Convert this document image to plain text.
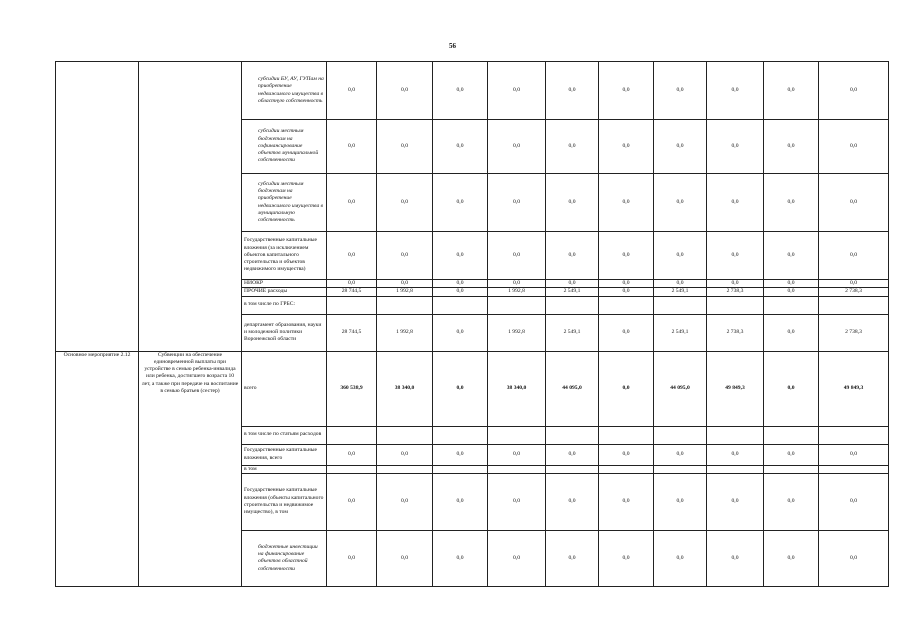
56
		субсидии БУ, АУ, ГУПам на приобретение недвижимого имущества в областную собственность	0,0	0,0	0,0	0,0	0,0	0,0	0,0	0,0	0,0	0,0
		субсидии местным бюджетам на софинансирование объектов муниципальной собственности	0,0	0,0	0,0	0,0	0,0	0,0	0,0	0,0	0,0	0,0
		субсидии местным бюджетам на приобретение недвижимого имущества в муниципальную собственность	0,0	0,0	0,0	0,0	0,0	0,0	0,0	0,0	0,0	0,0
		Государственные капитальные вложения (за исключением объектов капитального строительства и объектов недвижимого имущества)	0,0	0,0	0,0	0,0	0,0	0,0	0,0	0,0	0,0	0,0
		НИОКР	0,0	0,0	0,0	0,0	0,0	0,0	0,0	0,0	0,0	0,0
		ПРОЧИЕ расходы	28 744,5	1 992,8	0,0	1 992,8	2 549,1	0,0	2 549,1	2 738,3	0,0	2 738,3
		в том числе по ГРБС:										
		департамент образования, науки и молодежной политики Воронежской области	28 744,5	1 992,8	0,0	1 992,8	2 549,1	0,0	2 549,1	2 738,3	0,0	2 738,3
Основное мероприятие 2.12	Субвенции на обеспечение единовременной выплаты при устройстве в семью ребенка-инвалида или ребенка, достигшего возраста 10 лет, а также при передаче на воспитание в семью братьев (сестер)	всего	360 538,9	38 340,0	0,0	38 340,0	44 095,0	0,0	44 095,0	49 849,3	0,0	49 849,3
		в том числе по статьям расходов										
		Государственные капитальные вложения, всего	0,0	0,0	0,0	0,0	0,0	0,0	0,0	0,0	0,0	0,0
		в том										
		Государственные капитальные вложения (объекты капитального строительства и недвижимое имущество), в том	0,0	0,0	0,0	0,0	0,0	0,0	0,0	0,0	0,0	0,0
		бюджетные инвестиции на финансирование объектов областной собственности	0,0	0,0	0,0	0,0	0,0	0,0	0,0	0,0	0,0	0,0
